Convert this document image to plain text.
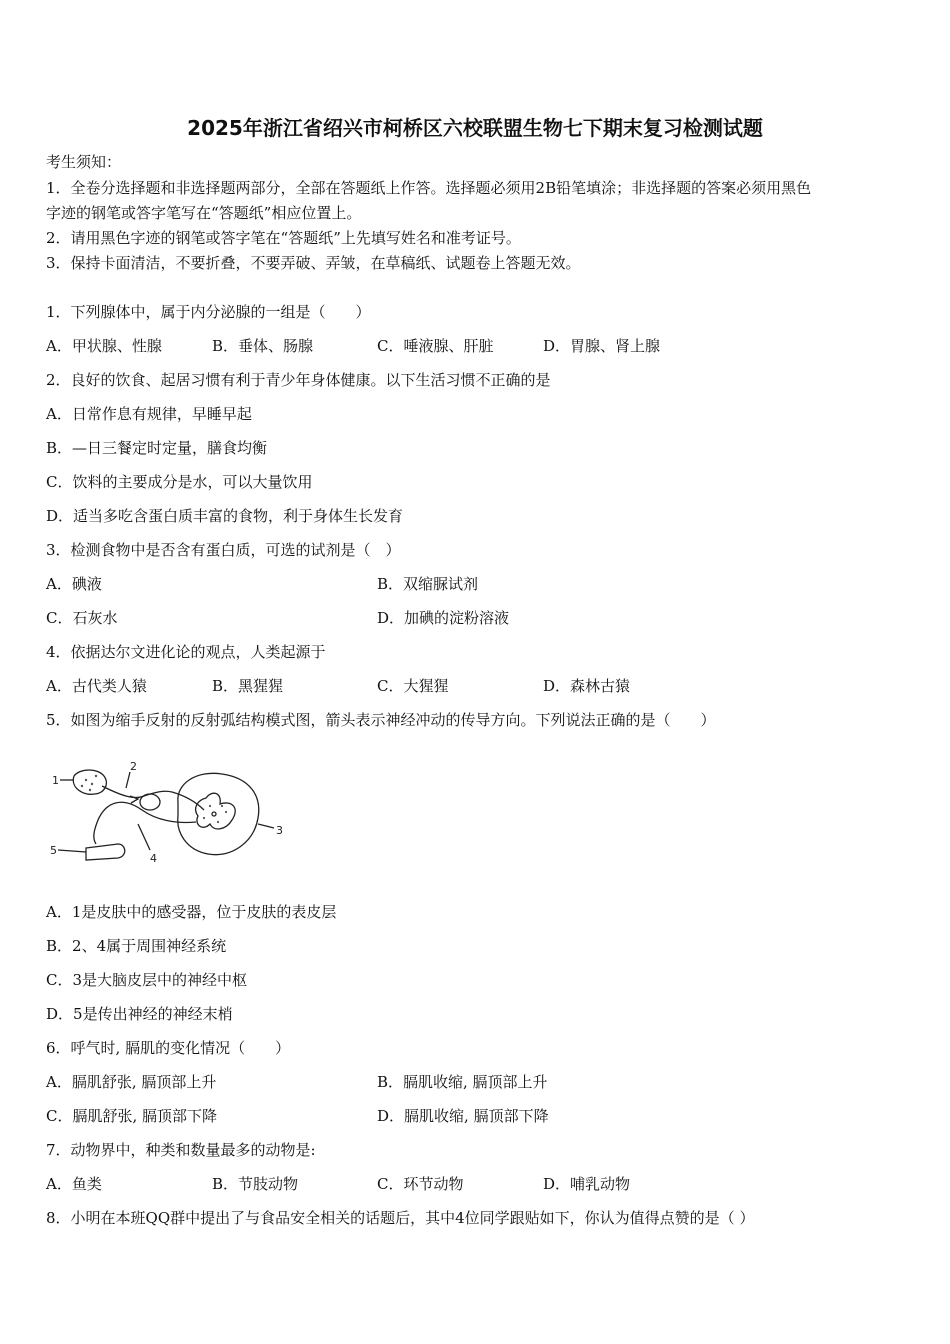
2025年浙江省绍兴市柯桥区六校联盟生物七下期末复习检测试题
考生须知：
1．全卷分选择题和非选择题两部分，全部在答题纸上作答。选择题必须用2B铅笔填涂；非选择题的答案必须用黑色
字迹的钢笔或答字笔写在“答题纸”相应位置上。
2．请用黑色字迹的钢笔或答字笔在“答题纸”上先填写姓名和准考证号。
3．保持卡面清洁，不要折叠，不要弄破、弄皱，在草稿纸、试题卷上答题无效。
1．下列腺体中，属于内分泌腺的一组是（　　）
A．甲状腺、性腺	B．垂体、肠腺	C．唾液腺、肝脏	D．胃腺、肾上腺
2．良好的饮食、起居习惯有利于青少年身体健康。以下生活习惯不正确的是
A．日常作息有规律，早睡早起
B．—日三餐定时定量，膳食均衡
C．饮料的主要成分是水，可以大量饮用
D．适当多吃含蛋白质丰富的食物，利于身体生长发育
3．检测食物中是否含有蛋白质，可选的试剂是（　）
A．碘液	B．双缩脲试剂
C．石灰水	D．加碘的淀粉溶液
4．依据达尔文进化论的观点，人类起源于
A．古代类人猿	B．黑猩猩	C．大猩猩	D．森林古猿
5．如图为缩手反射的反射弧结构模式图，箭头表示神经冲动的传导方向。下列说法正确的是（　　）
1
2
3
4
5
A．1是皮肤中的感受器，位于皮肤的表皮层
B．2、4属于周围神经系统
C．3是大脑皮层中的神经中枢
D．5是传出神经的神经末梢
6．呼气时, 膈肌的变化情况（　　）
A．膈肌舒张, 膈顶部上升	B．膈肌收缩, 膈顶部上升
C．膈肌舒张, 膈顶部下降	D．膈肌收缩, 膈顶部下降
7．动物界中，种类和数量最多的动物是:
A．鱼类	B．节肢动物	C．环节动物	D．哺乳动物
8．小明在本班QQ群中提出了与食品安全相关的话题后，其中4位同学跟贴如下，你认为值得点赞的是（ ）
